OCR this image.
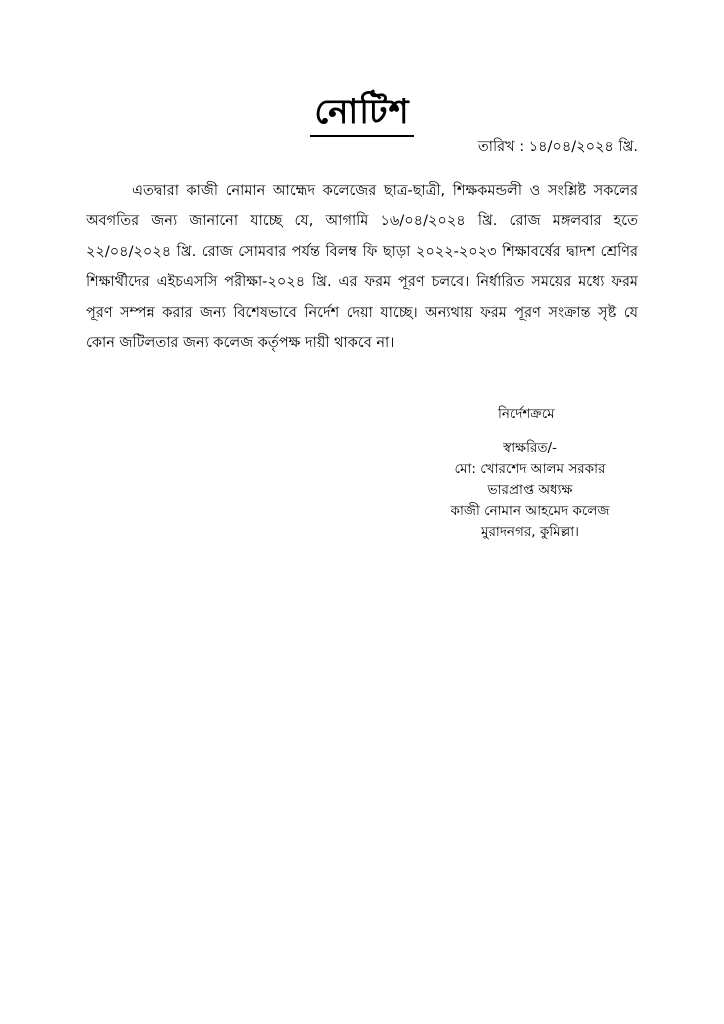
নোটিশ
তারিখ : ১৪/০৪/২০২৪ খ্রি.
এতদ্বারা কাজী নোমান আহ্মেদ কলেজের ছাত্র-ছাত্রী, শিক্ষকমন্ডলী ও সংশ্লিষ্ট সকলের
অবগতির জন্য জানানো যাচ্ছে যে, আগামি ১৬/০৪/২০২৪ খ্রি. রোজ মঙ্গলবার হতে
২২/০৪/২০২৪ খ্রি. রোজ সোমবার পর্যন্ত বিলম্ব ফি ছাড়া ২০২২-২০২৩ শিক্ষাবর্ষের দ্বাদশ শ্রেণির
শিক্ষার্থীদের এইচএসসি পরীক্ষা-২০২৪ খ্রি. এর ফরম পূরণ চলবে। নির্ধারিত সময়ের মধ্যে ফরম
পূরণ সম্পন্ন করার জন্য বিশেষভাবে নির্দেশ দেয়া যাচ্ছে। অন্যথায় ফরম পূরণ সংক্রান্ত সৃষ্ট যে
কোন জটিলতার জন্য কলেজ কর্তৃপক্ষ দায়ী থাকবে না।
নির্দেশক্রমে
স্বাক্ষরিত/-
মো: খোরশেদ আলম সরকার
ভারপ্রাপ্ত অধ্যক্ষ
কাজী নোমান আহমেদ কলেজ
মুরাদনগর, কুমিল্লা।
